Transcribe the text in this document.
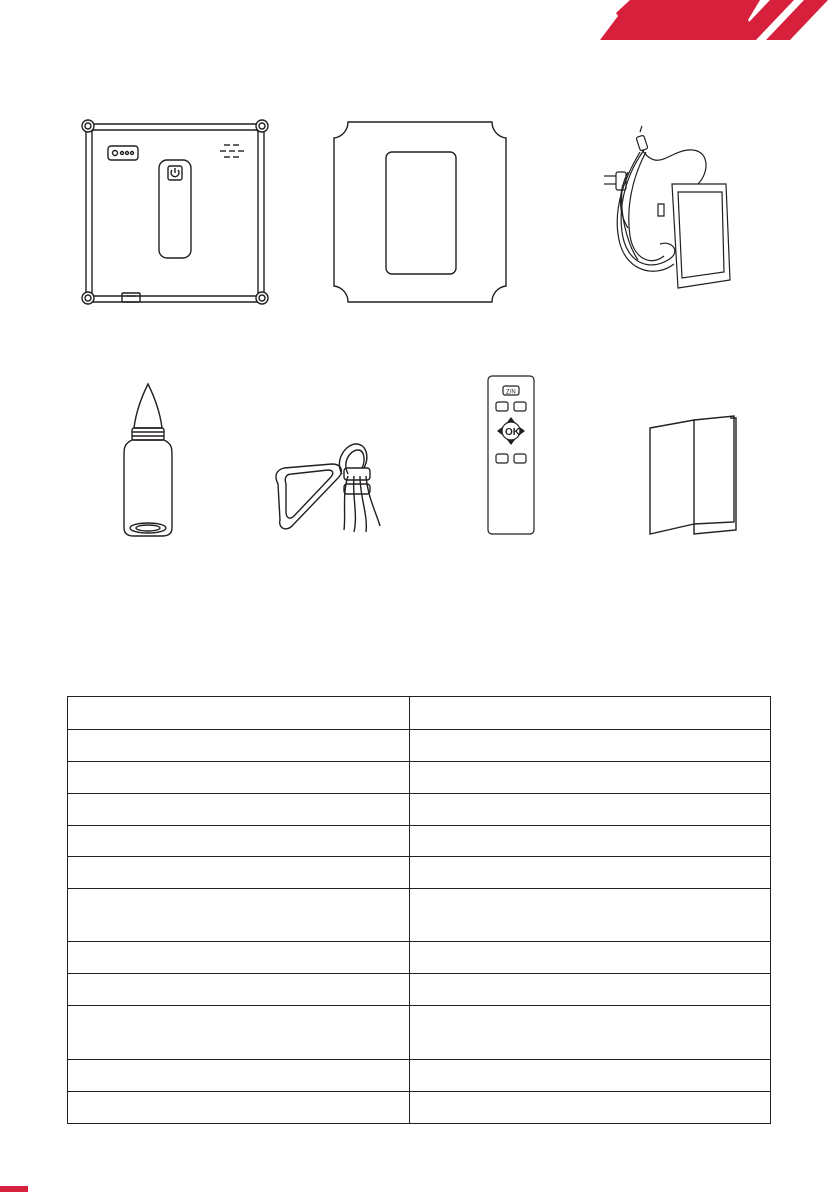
Z/N
OK
